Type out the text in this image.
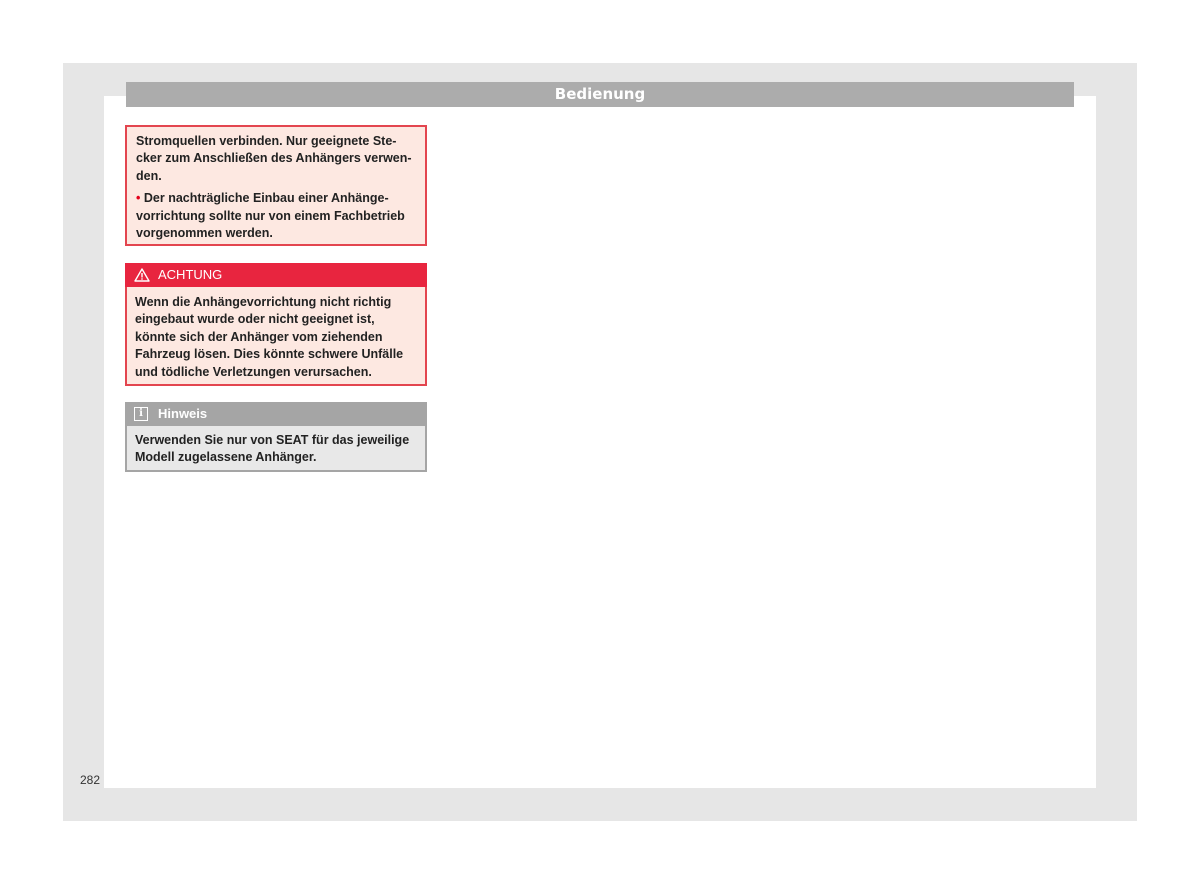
Bedienung

Stromquellen verbinden. Nur geeignete Ste-cker zum Anschließen des Anhängers verwen-den.

• Der nachträgliche Einbau einer Anhänge-vorrichtung sollte nur von einem Fachbetrieb vorgenommen werden.

ACHTUNG
Wenn die Anhängevorrichtung nicht richtig eingebaut wurde oder nicht geeignet ist, könnte sich der Anhänger vom ziehenden Fahrzeug lösen. Dies könnte schwere Unfälle und tödliche Verletzungen verursachen.
i	Hinweis
Verwenden Sie nur von SEAT für das jeweilige Modell zugelassene Anhänger.
282
